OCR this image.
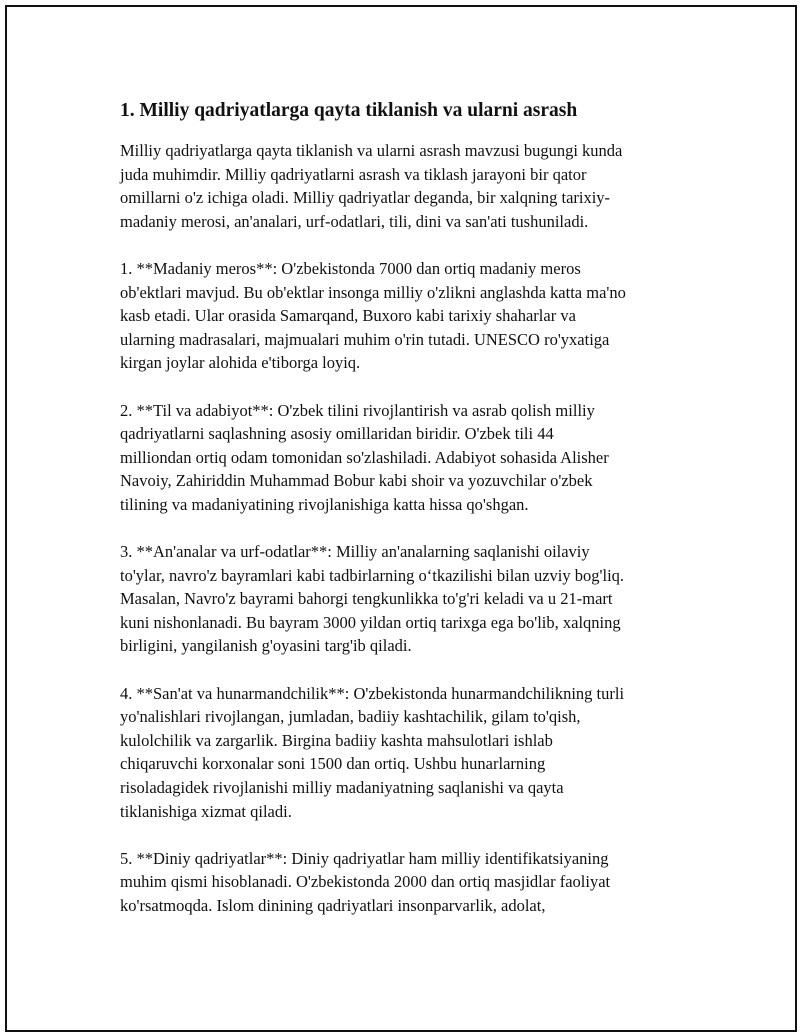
1. Milliy qadriyatlarga qayta tiklanish va ularni asrash

Milliy qadriyatlarga qayta tiklanish va ularni asrash mavzusi bugungi kunda
juda muhimdir. Milliy qadriyatlarni asrash va tiklash jarayoni bir qator
omillarni o'z ichiga oladi. Milliy qadriyatlar deganda, bir xalqning tarixiy-
madaniy merosi, an'analari, urf-odatlari, tili, dini va san'ati tushuniladi.

1. **Madaniy meros**: O'zbekistonda 7000 dan ortiq madaniy meros
ob'ektlari mavjud. Bu ob'ektlar insonga milliy o'zlikni anglashda katta ma'no
kasb etadi. Ular orasida Samarqand, Buxoro kabi tarixiy shaharlar va
ularning madrasalari, majmualari muhim o'rin tutadi. UNESCO ro'yxatiga
kirgan joylar alohida e'tiborga loyiq.

2. **Til va adabiyot**: O'zbek tilini rivojlantirish va asrab qolish milliy
qadriyatlarni saqlashning asosiy omillaridan biridir. O'zbek tili 44
milliondan ortiq odam tomonidan so'zlashiladi. Adabiyot sohasida Alisher
Navoiy, Zahiriddin Muhammad Bobur kabi shoir va yozuvchilar o'zbek
tilining va madaniyatining rivojlanishiga katta hissa qo'shgan.

3. **An'analar va urf-odatlar**: Milliy an'analarning saqlanishi oilaviy
to'ylar, navro'z bayramlari kabi tadbirlarning o‘tkazilishi bilan uzviy bog'liq.
Masalan, Navro'z bayrami bahorgi tengkunlikka to'g'ri keladi va u 21-mart
kuni nishonlanadi. Bu bayram 3000 yildan ortiq tarixga ega bo'lib, xalqning
birligini, yangilanish g'oyasini targ'ib qiladi.

4. **San'at va hunarmandchilik**: O'zbekistonda hunarmandchilikning turli
yo'nalishlari rivojlangan, jumladan, badiiy kashtachilik, gilam to'qish,
kulolchilik va zargarlik. Birgina badiiy kashta mahsulotlari ishlab
chiqaruvchi korxonalar soni 1500 dan ortiq. Ushbu hunarlarning
risoladagidek rivojlanishi milliy madaniyatning saqlanishi va qayta
tiklanishiga xizmat qiladi.

5. **Diniy qadriyatlar**: Diniy qadriyatlar ham milliy identifikatsiyaning
muhim qismi hisoblanadi. O'zbekistonda 2000 dan ortiq masjidlar faoliyat
ko'rsatmoqda. Islom dinining qadriyatlari insonparvarlik, adolat,
